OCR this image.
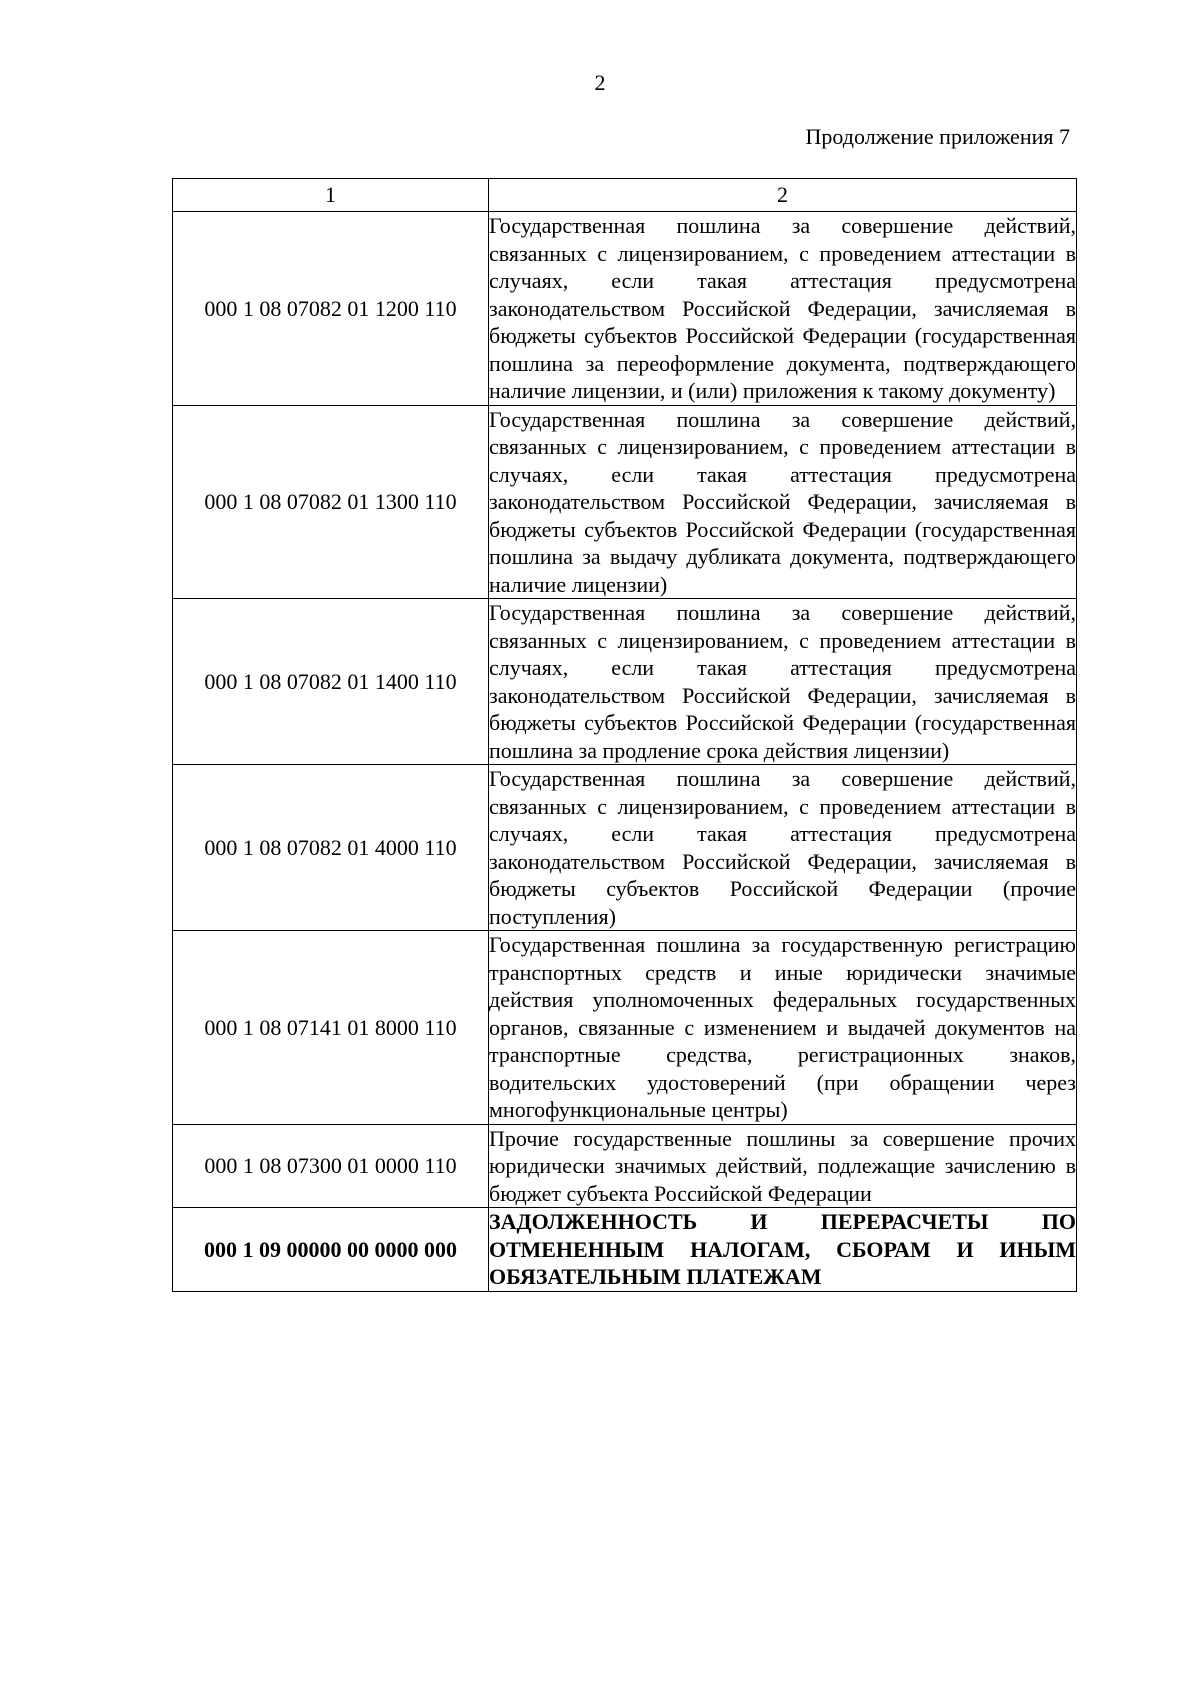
2
Продолжение приложения 7
1	2
000 1 08 07082 01 1200 110	Государственная пошлина за совершение действий, связанных с лицензированием, с проведением аттестации в случаях, если такая аттестация предусмотрена законодательством Российской Федерации, зачисляемая в бюджеты субъектов Российской Федерации (государственная пошлина за переоформление документа, подтверждающего наличие лицензии, и (или) приложения к такому документу)
000 1 08 07082 01 1300 110	Государственная пошлина за совершение действий, связанных с лицензированием, с проведением аттестации в случаях, если такая аттестация предусмотрена законодательством Российской Федерации, зачисляемая в бюджеты субъектов Российской Федерации (государственная пошлина за выдачу дубликата документа, подтверждающего наличие лицензии)
000 1 08 07082 01 1400 110	Государственная пошлина за совершение действий, связанных с лицензированием, с проведением аттестации в случаях, если такая аттестация предусмотрена законодательством Российской Федерации, зачисляемая в бюджеты субъектов Российской Федерации (государственная пошлина за продление срока действия лицензии)
000 1 08 07082 01 4000 110	Государственная пошлина за совершение действий, связанных с лицензированием, с проведением аттестации в случаях, если такая аттестация предусмотрена законодательством Российской Федерации, зачисляемая в бюджеты субъектов Российской Федерации (прочие поступления)
000 1 08 07141 01 8000 110	Государственная пошлина за государственную регистрацию транспортных средств и иные юридически значимые действия уполномоченных федеральных государственных органов, связанные с изменением и выдачей документов на транспортные средства, регистрационных знаков, водительских удостоверений (при обращении через многофункциональные центры)
000 1 08 07300 01 0000 110	Прочие государственные пошлины за совершение прочих юридически значимых действий, подлежащие зачислению в бюджет субъекта Российской Федерации
000 1 09 00000 00 0000 000	ЗАДОЛЖЕННОСТЬ И ПЕРЕРАСЧЕТЫ ПО ОТМЕНЕННЫМ НАЛОГАМ, СБОРАМ И ИНЫМ ОБЯЗАТЕЛЬНЫМ ПЛАТЕЖАМ
